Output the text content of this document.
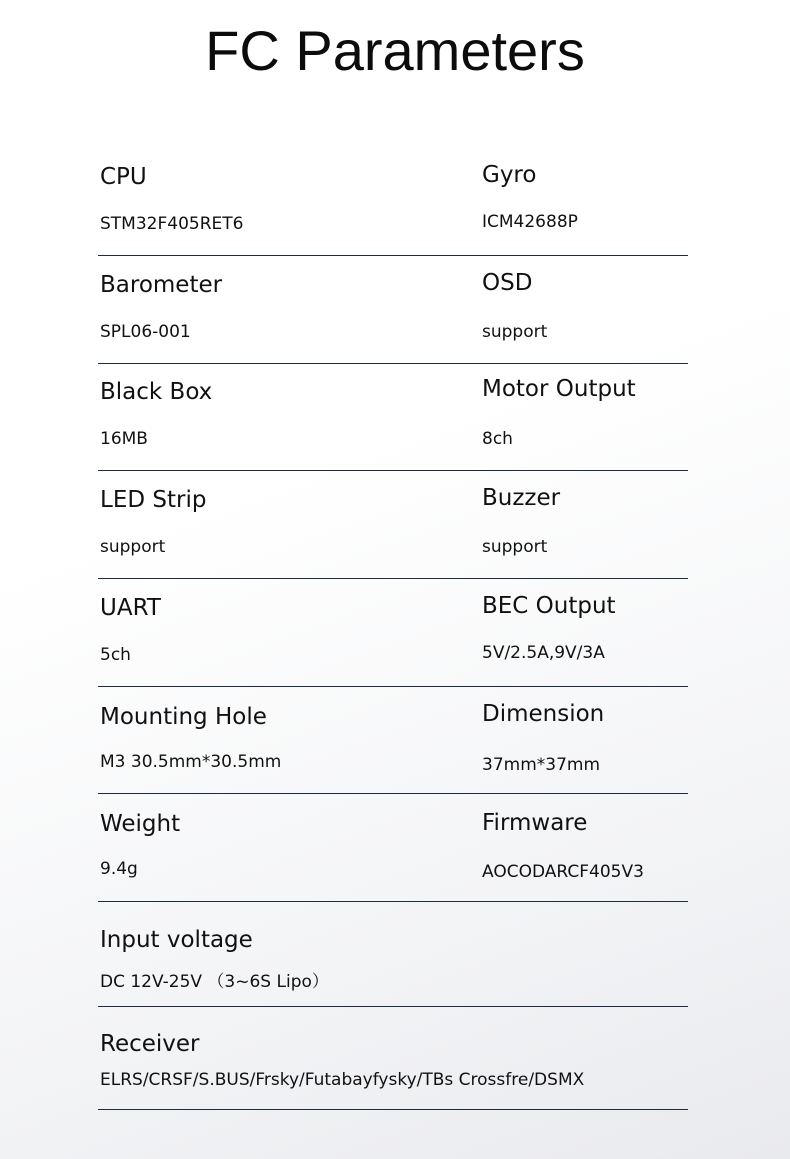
FC Parameters
CPU
STM32F405RET6
Gyro
ICM42688P
Barometer
SPL06-001
OSD
support
Black Box
16MB
Motor Output
8ch
LED Strip
support
Buzzer
support
UART
5ch
BEC Output
5V/2.5A,9V/3A
Mounting Hole
M3 30.5mm*30.5mm
Dimension
37mm*37mm
Weight
9.4g
Firmware
AOCODARCF405V3
Input voltage
DC 12V-25V （3~6S Lipo）
Receiver
ELRS/CRSF/S.BUS/Frsky/Futabayfysky/TBs Crossfre/DSMX
